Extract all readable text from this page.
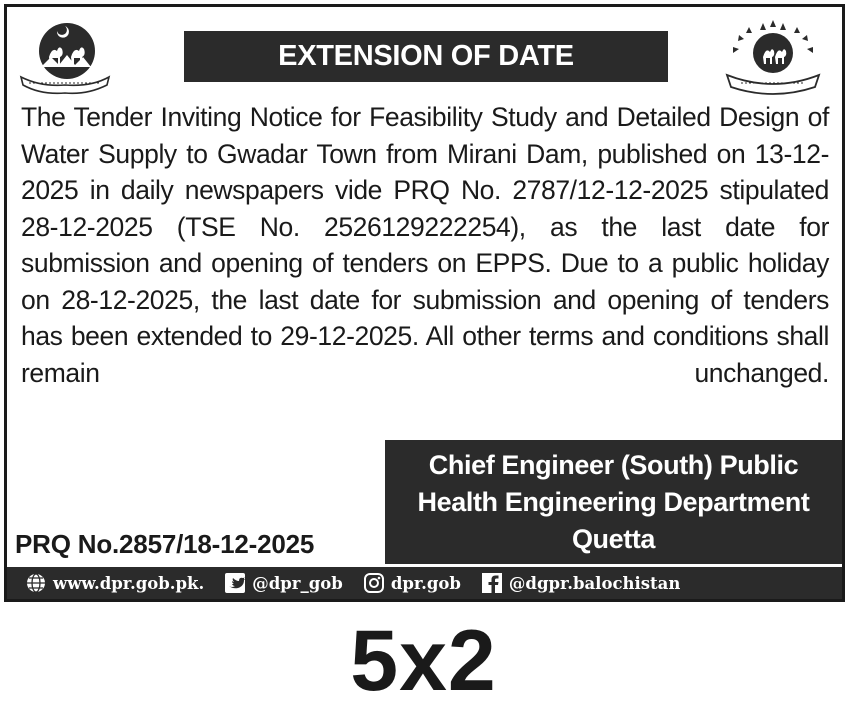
EXTENSION OF DATE
The Tender Inviting Notice for Feasibility Study and Detailed Design of Water Supply to Gwadar Town from Mirani Dam, published on 13-12-2025 in daily newspapers vide PRQ No. 2787/12-12-2025 stipulated 28-12-2025 (TSE No. 2526129222254), as the last date for submission and opening of tenders on EPPS. Due to a public holiday on 28-12-2025, the last date for submission and opening of tenders has been extended to 29-12-2025. All other terms and conditions shall remain unchanged.
Chief Engineer (South) Public
Health Engineering Department
Quetta
PRQ No.2857/18-12-2025
www.dpr.gob.pk.	@dpr_gob	dpr.gob	@dgpr.balochistan
5x2
